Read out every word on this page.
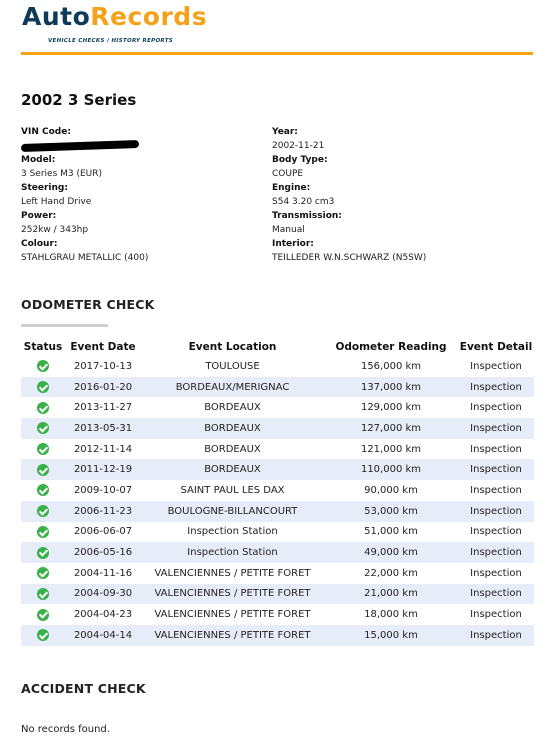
AutoRecords
VEHICLE CHECKS / HISTORY REPORTS
2002 3 Series
VIN Code:
Model:
3 Series M3 (EUR)
Steering:
Left Hand Drive
Power:
252kw / 343hp
Colour:
STAHLGRAU METALLIC (400)
Year:
2002-11-21
Body Type:
COUPE
Engine:
S54 3.20 cm3
Transmission:
Manual
Interior:
TEILLEDER W.N.SCHWARZ (N5SW)
ODOMETER CHECK
Status	Event Date	Event Location	Odometer Reading	Event Detail
	2017-10-13	TOULOUSE	156,000 km	Inspection
	2016-01-20	BORDEAUX/MERIGNAC	137,000 km	Inspection
	2013-11-27	BORDEAUX	129,000 km	Inspection
	2013-05-31	BORDEAUX	127,000 km	Inspection
	2012-11-14	BORDEAUX	121,000 km	Inspection
	2011-12-19	BORDEAUX	110,000 km	Inspection
	2009-10-07	SAINT PAUL LES DAX	90,000 km	Inspection
	2006-11-23	BOULOGNE-BILLANCOURT	53,000 km	Inspection
	2006-06-07	Inspection Station	51,000 km	Inspection
	2006-05-16	Inspection Station	49,000 km	Inspection
	2004-11-16	VALENCIENNES / PETITE FORET	22,000 km	Inspection
	2004-09-30	VALENCIENNES / PETITE FORET	21,000 km	Inspection
	2004-04-23	VALENCIENNES / PETITE FORET	18,000 km	Inspection
	2004-04-14	VALENCIENNES / PETITE FORET	15,000 km	Inspection
ACCIDENT CHECK
No records found.
